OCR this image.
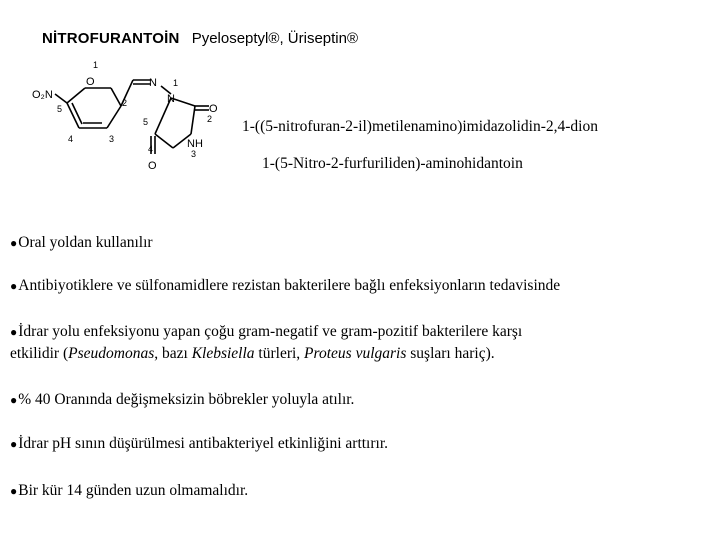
NİTROFURANTOİN Pyeloseptyl®, Üriseptin®
1
O₂N
O	N 1
N
O
NH
O
5
2
4	3
5	2
4	3
1-((5-nitrofuran-2-il)metilenamino)imidazolidin-2,4-dion
1-(5-Nitro-2-furfuriliden)-aminohidantoin
●Oral yoldan kullanılır
●Antibiyotiklere ve sülfonamidlere rezistan bakterilere bağlı enfeksiyonların tedavisinde
●İdrar yolu enfeksiyonu yapan çoğu gram-negatif ve gram-pozitif bakterilere karşı
etkilidir (Pseudomonas, bazı Klebsiella türleri, Proteus vulgaris suşları hariç).
●% 40 Oranında değişmeksizin böbrekler yoluyla atılır.
●İdrar pH sının düşürülmesi antibakteriyel etkinliğini arttırır.
●Bir kür 14 günden uzun olmamalıdır.
